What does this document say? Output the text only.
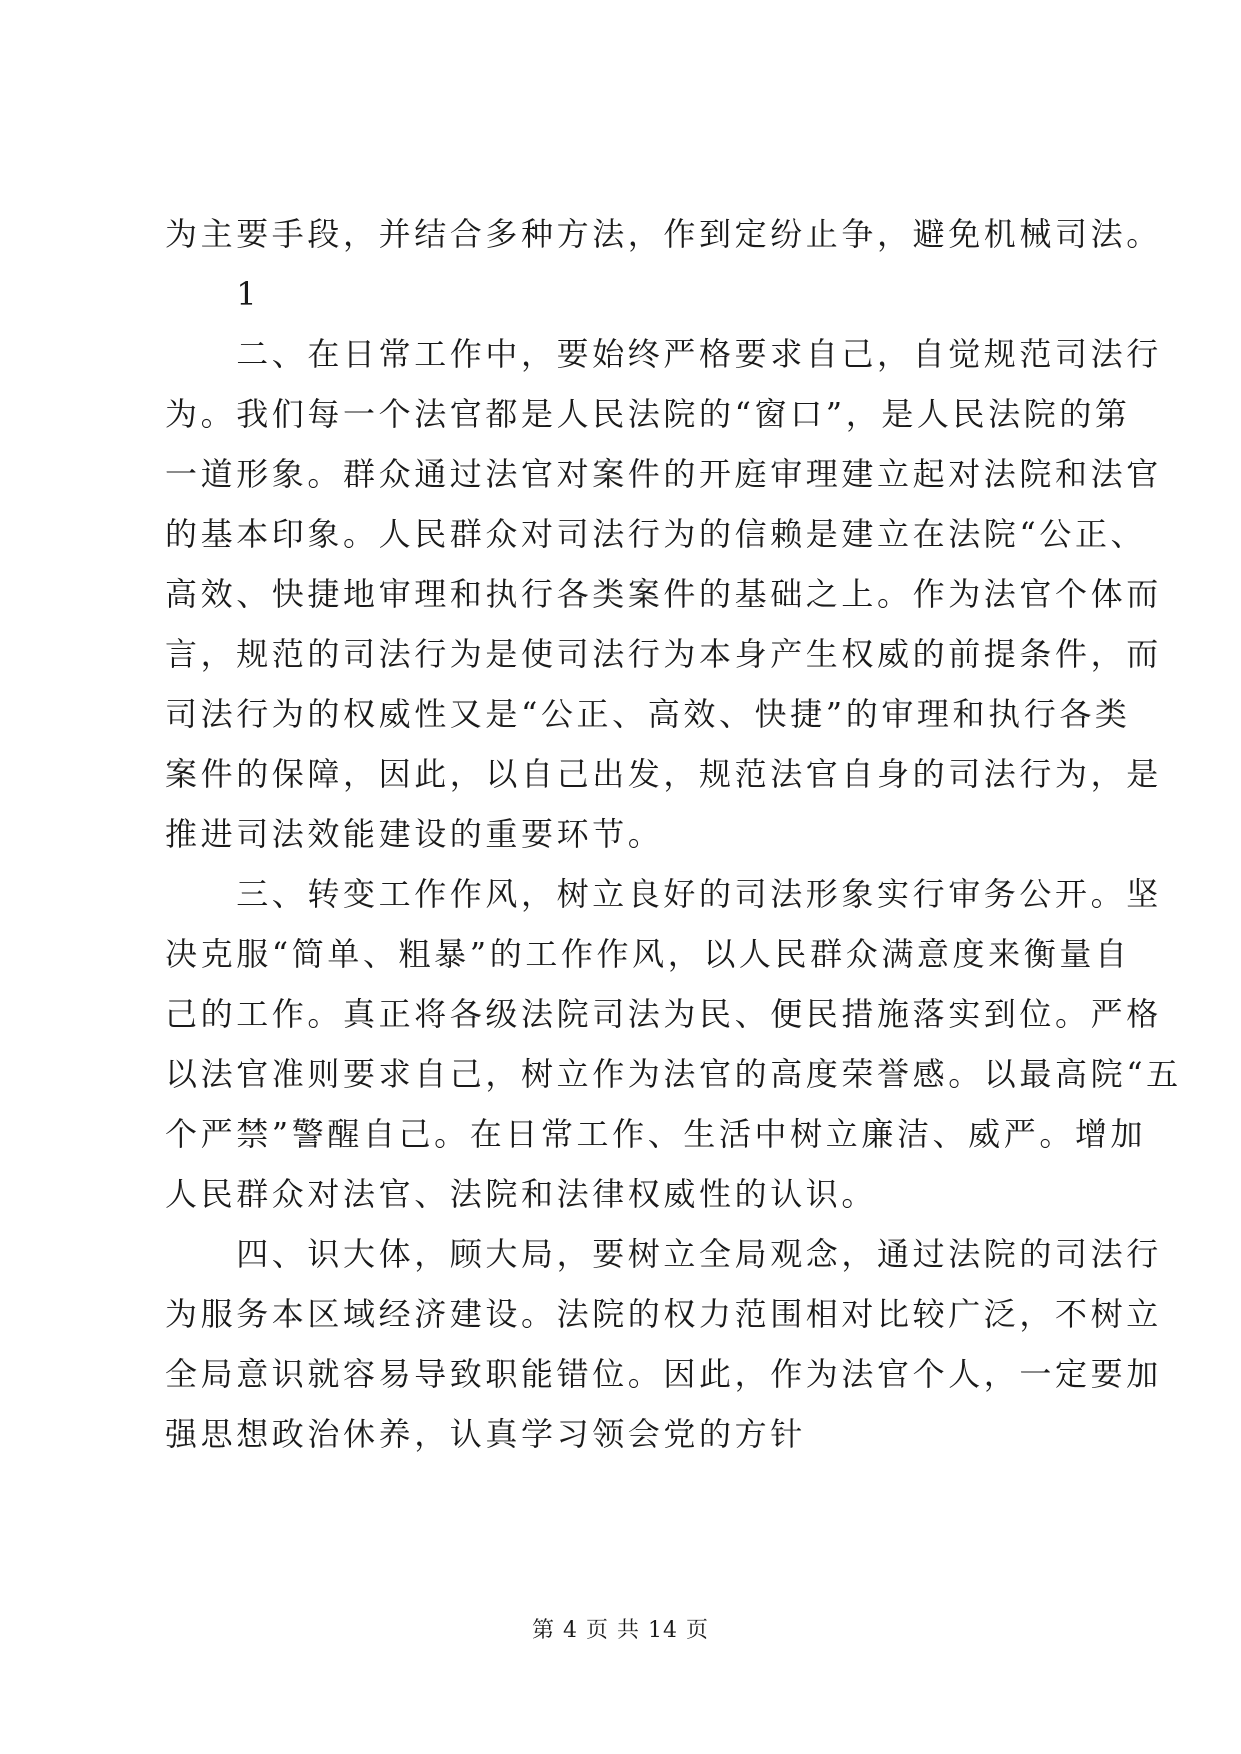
为主要手段，并结合多种方法，作到定纷止争，避免机械司法。
　　1
　　二、在日常工作中，要始终严格要求自己，自觉规范司法行
为。我们每一个法官都是人民法院的“窗口”，是人民法院的第
一道形象。群众通过法官对案件的开庭审理建立起对法院和法官
的基本印象。人民群众对司法行为的信赖是建立在法院“公正、
高效、快捷地审理和执行各类案件的基础之上。作为法官个体而
言，规范的司法行为是使司法行为本身产生权威的前提条件，而
司法行为的权威性又是“公正、高效、快捷”的审理和执行各类
案件的保障，因此，以自己出发，规范法官自身的司法行为，是
推进司法效能建设的重要环节。
　　三、转变工作作风，树立良好的司法形象实行审务公开。坚
决克服“简单、粗暴”的工作作风，以人民群众满意度来衡量自
己的工作。真正将各级法院司法为民、便民措施落实到位。严格
以法官准则要求自己，树立作为法官的高度荣誉感。以最高院“五
个严禁”警醒自己。在日常工作、生活中树立廉洁、威严。增加
人民群众对法官、法院和法律权威性的认识。
　　四、识大体，顾大局，要树立全局观念，通过法院的司法行
为服务本区域经济建设。法院的权力范围相对比较广泛，不树立
全局意识就容易导致职能错位。因此，作为法官个人，一定要加
强思想政治休养，认真学习领会党的方针
第 4 页 共 14 页
